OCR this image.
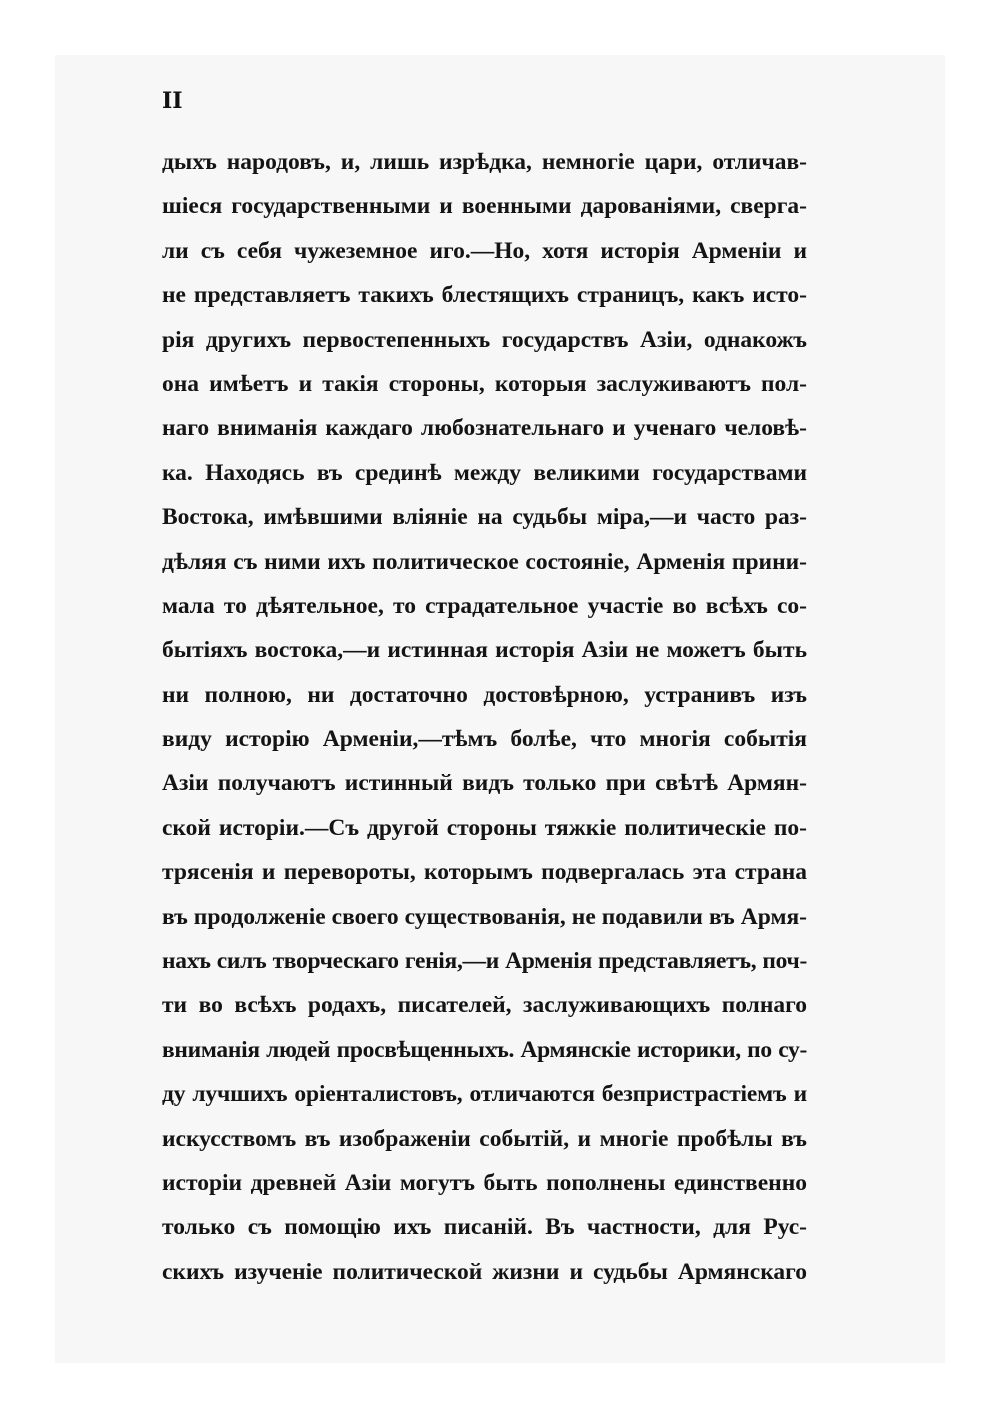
II
дыхъ народовъ, и, лишь изрѣдка, немногіе цари, отличав-
шіеся государственными и военными дарованіями, сверга-
ли съ себя чужеземное иго.—Но, хотя исторія Арменіи и
не представляетъ такихъ блестящихъ страницъ, какъ исто-
рія другихъ первостепенныхъ государствъ Азіи, однакожъ
она имѣетъ и такія стороны, которыя заслуживаютъ пол-
наго вниманія каждаго любознательнаго и ученаго человѣ-
ка. Находясь въ срединѣ между великими государствами
Востока, имѣвшими вліяніе на судьбы міра,—и часто раз-
дѣляя съ ними ихъ политическое состояніе, Арменія прини-
мала то дѣятельное, то страдательное участіе во всѣхъ со-
бытіяхъ востока,—и истинная исторія Азіи не можетъ быть
ни полною, ни достаточно достовѣрною, устранивъ изъ
виду исторію Арменіи,—тѣмъ болѣе, что многія событія
Азіи получаютъ истинный видъ только при свѣтѣ Армян-
ской исторіи.—Съ другой стороны тяжкіе политическіе по-
трясенія и перевороты, которымъ подвергалась эта страна
въ продолженіе своего существованія, не подавили въ Армя-
нахъ силъ творческаго генія,—и Арменія представляетъ, поч-
ти во всѣхъ родахъ, писателей, заслуживающихъ полнаго
вниманія людей просвѣщенныхъ. Армянскіе историки, по су-
ду лучшихъ оріенталистовъ, отличаются безпристрастіемъ и
искусствомъ въ изображеніи событій, и многіе пробѣлы въ
исторіи древней Азіи могутъ быть пополнены единственно
только съ помощію ихъ писаній. Въ частности, для Рус-
скихъ изученіе политической жизни и судьбы Армянскаго
